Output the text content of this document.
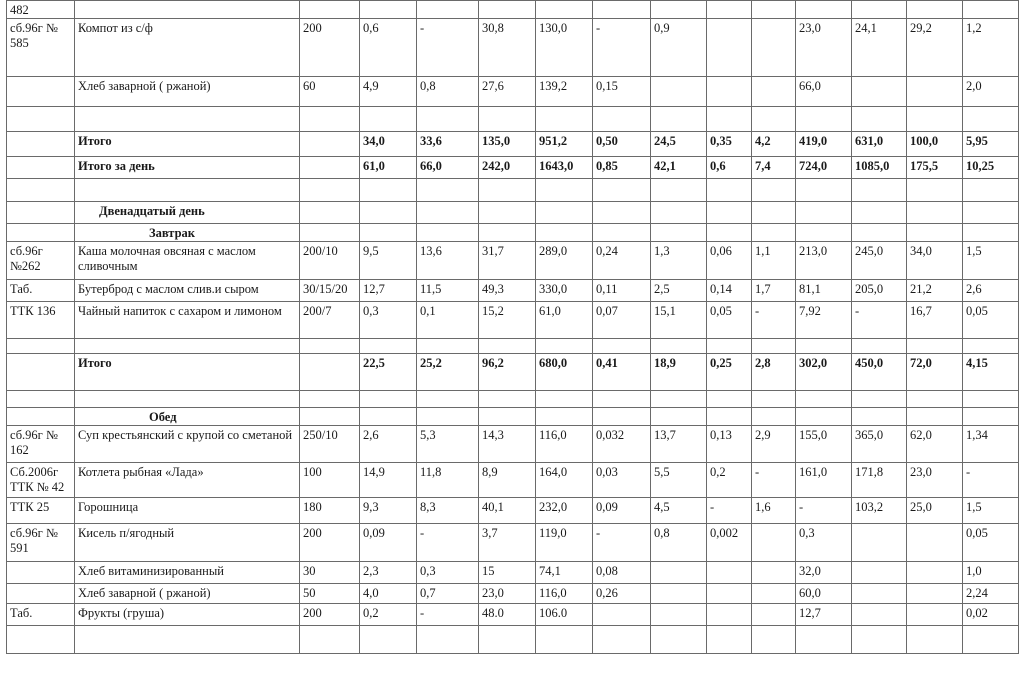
482														
сб.96г № 585	Компот из с/ф	200	0,6	-	30,8	130,0	-	0,9			23,0	24,1	29,2	1,2
	Хлеб заварной ( ржаной)	60	4,9	0,8	27,6	139,2	0,15				66,0			2,0

	Итого		34,0	33,6	135,0	951,2	0,50	24,5	0,35	4,2	419,0	631,0	100,0	5,95
	Итого за день		61,0	66,0	242,0	1643,0	0,85	42,1	0,6	7,4	724,0	1085,0	175,5	10,25

	Двенадцатый день													
	Завтрак													
сб.96г №262	Каша молочная овсяная с маслом сливочным	200/10	9,5	13,6	31,7	289,0	0,24	1,3	0,06	1,1	213,0	245,0	34,0	1,5
Таб.	Бутерброд с маслом слив.и сыром	30/15/20	12,7	11,5	49,3	330,0	0,11	2,5	0,14	1,7	81,1	205,0	21,2	2,6
ТТК 136	Чайный напиток с сахаром и лимоном	200/7	0,3	0,1	15,2	61,0	0,07	15,1	0,05	-	7,92	-	16,7	0,05

	Итого		22,5	25,2	96,2	680,0	0,41	18,9	0,25	2,8	302,0	450,0	72,0	4,15

	Обед													
сб.96г № 162	Суп крестьянский с крупой со сметаной	250/10	2,6	5,3	14,3	116,0	0,032	13,7	0,13	2,9	155,0	365,0	62,0	1,34
Сб.2006г ТТК № 42	Котлета рыбная «Лада»	100	14,9	11,8	8,9	164,0	0,03	5,5	0,2	-	161,0	171,8	23,0	-
ТТК 25	Горошница	180	9,3	8,3	40,1	232,0	0,09	4,5	-	1,6	-	103,2	25,0	1,5
сб.96г № 591	Кисель п/ягодный	200	0,09	-	3,7	119,0	-	0,8	0,002		0,3			0,05
	Хлеб витаминизированный	30	2,3	0,3	15	74,1	0,08				32,0			1,0
	Хлеб заварной ( ржаной)	50	4,0	0,7	23,0	116,0	0,26				60,0			2,24
Таб.	Фрукты (груша)	200	0,2	-	48.0	106.0					12,7			0,02
